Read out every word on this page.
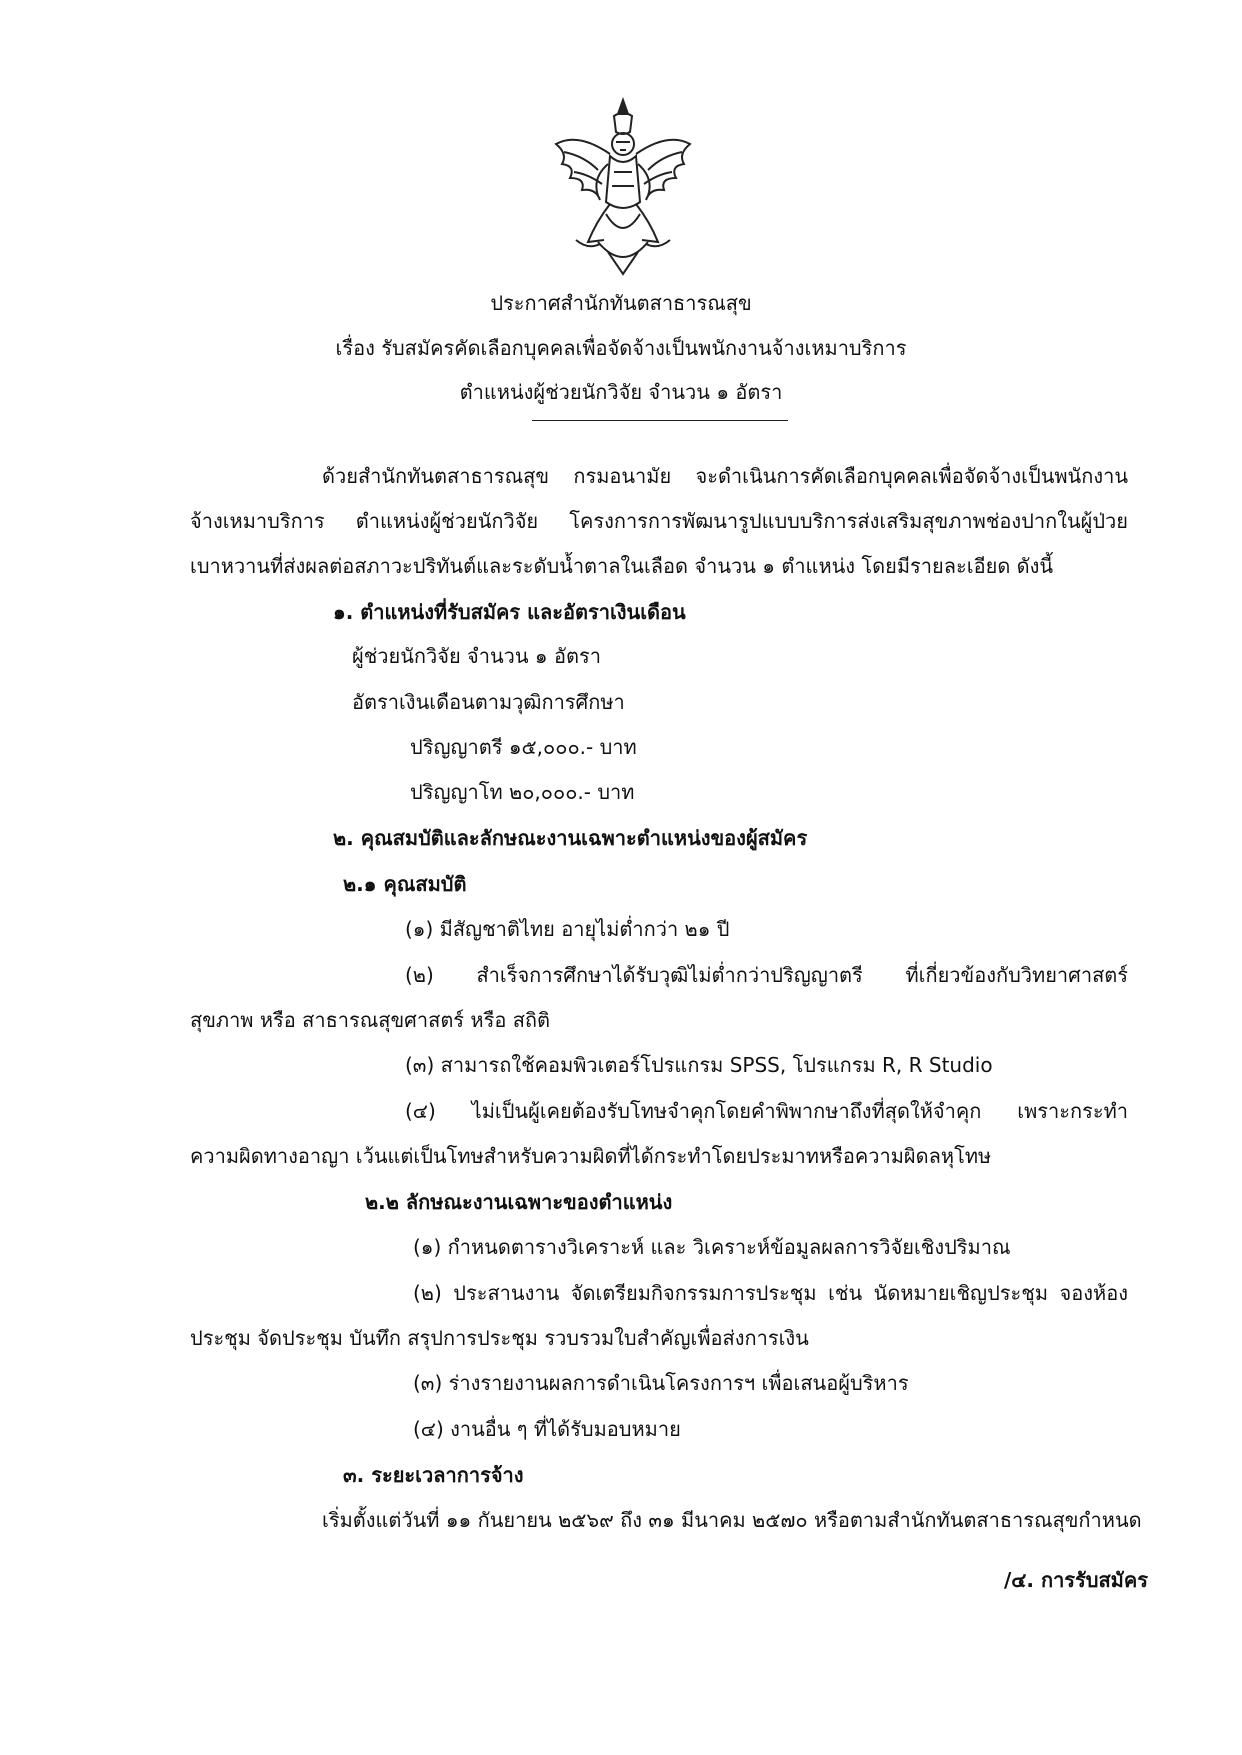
ประกาศสำนักทันตสาธารณสุข
เรื่อง รับสมัครคัดเลือกบุคคลเพื่อจัดจ้างเป็นพนักงานจ้างเหมาบริการ
ตำแหน่งผู้ช่วยนักวิจัย จำนวน ๑ อัตรา
ด้วยสำนักทันตสาธารณสุข กรมอนามัย จะดำเนินการคัดเลือกบุคคลเพื่อจัดจ้างเป็นพนักงาน
จ้างเหมาบริการ ตำแหน่งผู้ช่วยนักวิจัย โครงการการพัฒนารูปแบบบริการส่งเสริมสุขภาพช่องปากในผู้ป่วย
เบาหวานที่ส่งผลต่อสภาวะปริทันต์และระดับน้ำตาลในเลือด จำนวน ๑ ตำแหน่ง โดยมีรายละเอียด ดังนี้
๑. ตำแหน่งที่รับสมัคร และอัตราเงินเดือน
ผู้ช่วยนักวิจัย จำนวน ๑ อัตรา
อัตราเงินเดือนตามวุฒิการศึกษา
ปริญญาตรี ๑๕,๐๐๐.- บาท
ปริญญาโท ๒๐,๐๐๐.- บาท
๒. คุณสมบัติและลักษณะงานเฉพาะตำแหน่งของผู้สมัคร
๒.๑ คุณสมบัติ
(๑) มีสัญชาติไทย อายุไม่ต่ำกว่า ๒๑ ปี
(๒) สำเร็จการศึกษาได้รับวุฒิไม่ต่ำกว่าปริญญาตรี ที่เกี่ยวข้องกับวิทยาศาสตร์
สุขภาพ หรือ สาธารณสุขศาสตร์ หรือ สถิติ
(๓) สามารถใช้คอมพิวเตอร์โปรแกรม SPSS, โปรแกรม R, R Studio
(๔) ไม่เป็นผู้เคยต้องรับโทษจำคุกโดยคำพิพากษาถึงที่สุดให้จำคุก เพราะกระทำ
ความผิดทางอาญา เว้นแต่เป็นโทษสำหรับความผิดที่ได้กระทำโดยประมาทหรือความผิดลหุโทษ
๒.๒ ลักษณะงานเฉพาะของตำแหน่ง
(๑) กำหนดตารางวิเคราะห์ และ วิเคราะห์ข้อมูลผลการวิจัยเชิงปริมาณ
(๒) ประสานงาน จัดเตรียมกิจกรรมการประชุม เช่น นัดหมายเชิญประชุม จองห้อง
ประชุม จัดประชุม บันทึก สรุปการประชุม รวบรวมใบสำคัญเพื่อส่งการเงิน
(๓) ร่างรายงานผลการดำเนินโครงการฯ เพื่อเสนอผู้บริหาร
(๔) งานอื่น ๆ ที่ได้รับมอบหมาย
๓. ระยะเวลาการจ้าง
เริ่มตั้งแต่วันที่ ๑๑ กันยายน ๒๕๖๙ ถึง ๓๑ มีนาคม ๒๕๗๐ หรือตามสำนักทันตสาธารณสุขกำหนด
/๔. การรับสมัคร
